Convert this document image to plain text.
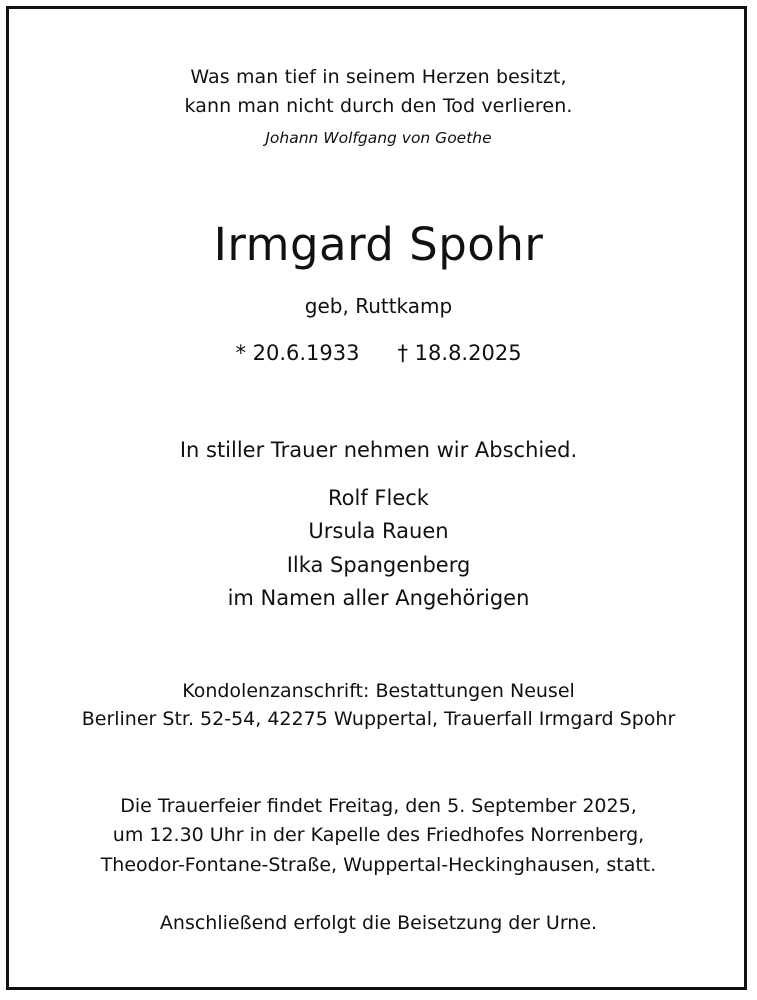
Was man tief in seinem Herzen besitzt,
kann man nicht durch den Tod verlieren.
Johann Wolfgang von Goethe
Irmgard Spohr
geb, Ruttkamp
* 20.6.1933 † 18.8.2025
In stiller Trauer nehmen wir Abschied.
Rolf Fleck
Ursula Rauen
Ilka Spangenberg
im Namen aller Angehörigen
Kondolenzanschrift: Bestattungen Neusel
Berliner Str. 52-54, 42275 Wuppertal, Trauerfall Irmgard Spohr
Die Trauerfeier findet Freitag, den 5. September 2025,
um 12.30 Uhr in der Kapelle des Friedhofes Norrenberg,
Theodor-Fontane-Straße, Wuppertal-Heckinghausen, statt.
Anschließend erfolgt die Beisetzung der Urne.
